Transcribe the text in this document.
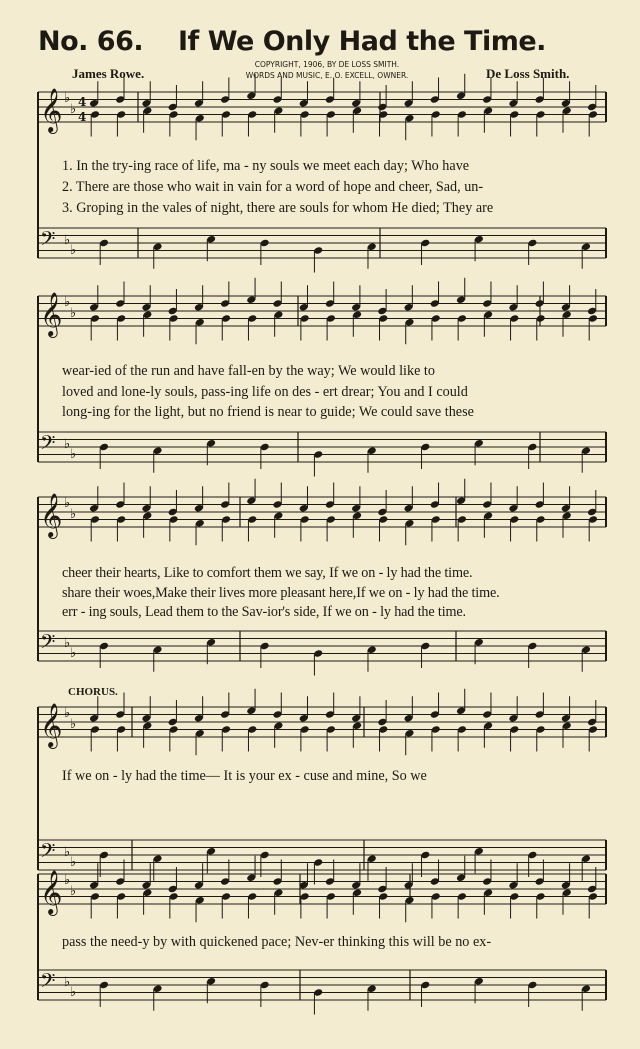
No. 66. If We Only Had the Time.
James Rowe.	De Loss Smith.
COPYRIGHT, 1906, BY DE LOSS SMITH.
WORDS AND MUSIC, E. O. EXCELL, OWNER.
𝄞 ♭
♭
𝄢 ♭
♭
4
4
𝄞 ♭
♭
𝄢 ♭
♭
𝄞 ♭
♭
𝄢 ♭
♭
𝄞 ♭
♭
𝄢 ♭
♭
𝄞 ♭
♭
𝄢 ♭
♭
1. In the try-ing race of life, ma - ny souls we meet each day; Who have
2. There are those who wait in vain for a word of hope and cheer, Sad, un-
3. Groping in the vales of night, there are souls for whom He died; They are
wear-ied of the run and have fall-en by the way; We would like to
loved and lone-ly souls, pass-ing life on des - ert drear; You and I could
long-ing for the light, but no friend is near to guide; We could save these
cheer their hearts, Like to comfort them we say, If we on - ly had the time.
share their woes,Make their lives more pleasant here,If we on - ly had the time.
err - ing souls, Lead them to the Sav-ior's side, If we on - ly had the time.
CHORUS.
If we on - ly had the time— It is your ex - cuse and mine, So we
pass the need-y by with quickened pace; Nev-er thinking this will be no ex-
